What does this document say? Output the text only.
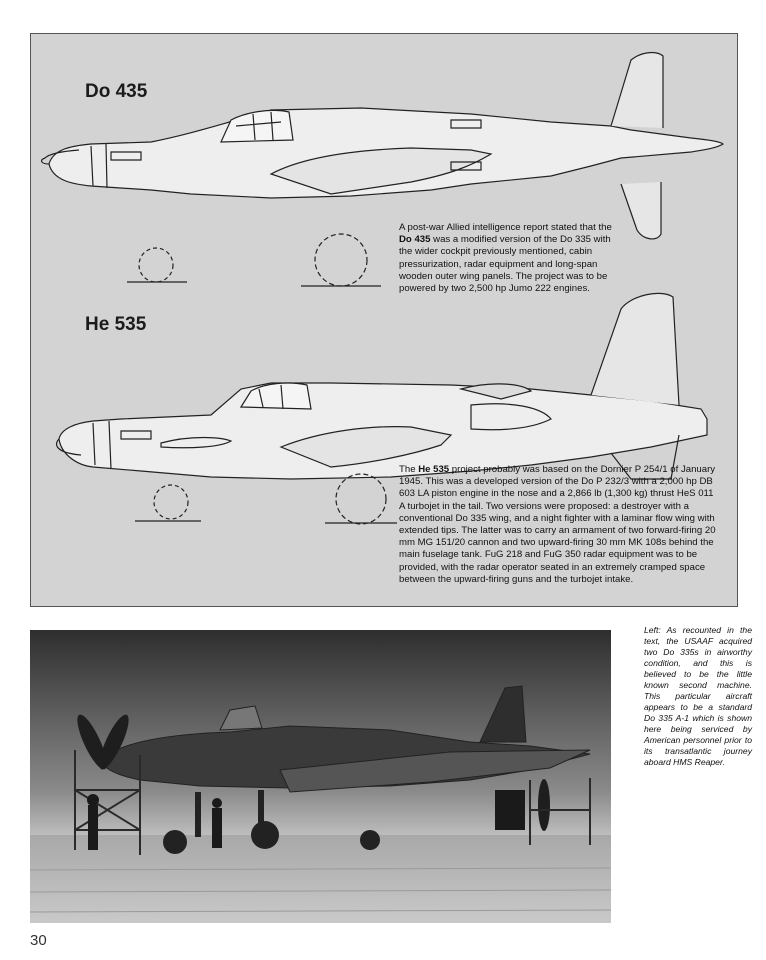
Do 435
A post-war Allied intelligence report stated that the Do 435 was a modified version of the Do 335 with the wider cockpit previously mentioned, cabin pressurization, radar equipment and long-span wooden outer wing panels. The project was to be powered by two 2,500 hp Jumo 222 engines.
He 535
The He 535 project probably was based on the Dornier P 254/1 of January 1945. This was a developed version of the Do P 232/3 with a 2,000 hp DB 603 LA piston engine in the nose and a 2,866 lb (1,300 kg) thrust HeS 011 A turbojet in the tail. Two versions were proposed: a destroyer with a conventional Do 335 wing, and a night fighter with a laminar flow wing with extended tips. The latter was to carry an armament of two forward-firing 20 mm MG 151/20 cannon and two upward-firing 30 mm MK 108s behind the main fuselage tank. FuG 218 and FuG 350 radar equipment was to be provided, with the radar operator seated in an extremely cramped space between the upward-firing guns and the turbojet intake.
Left: As recounted in the text, the USAAF acquired two Do 335s in airworthy condition, and this is believed to be the little known second machine. This particular aircraft appears to be a standard Do 335 A-1 which is shown here being serviced by American personnel prior to its transatlantic journey aboard HMS Reaper.
30
